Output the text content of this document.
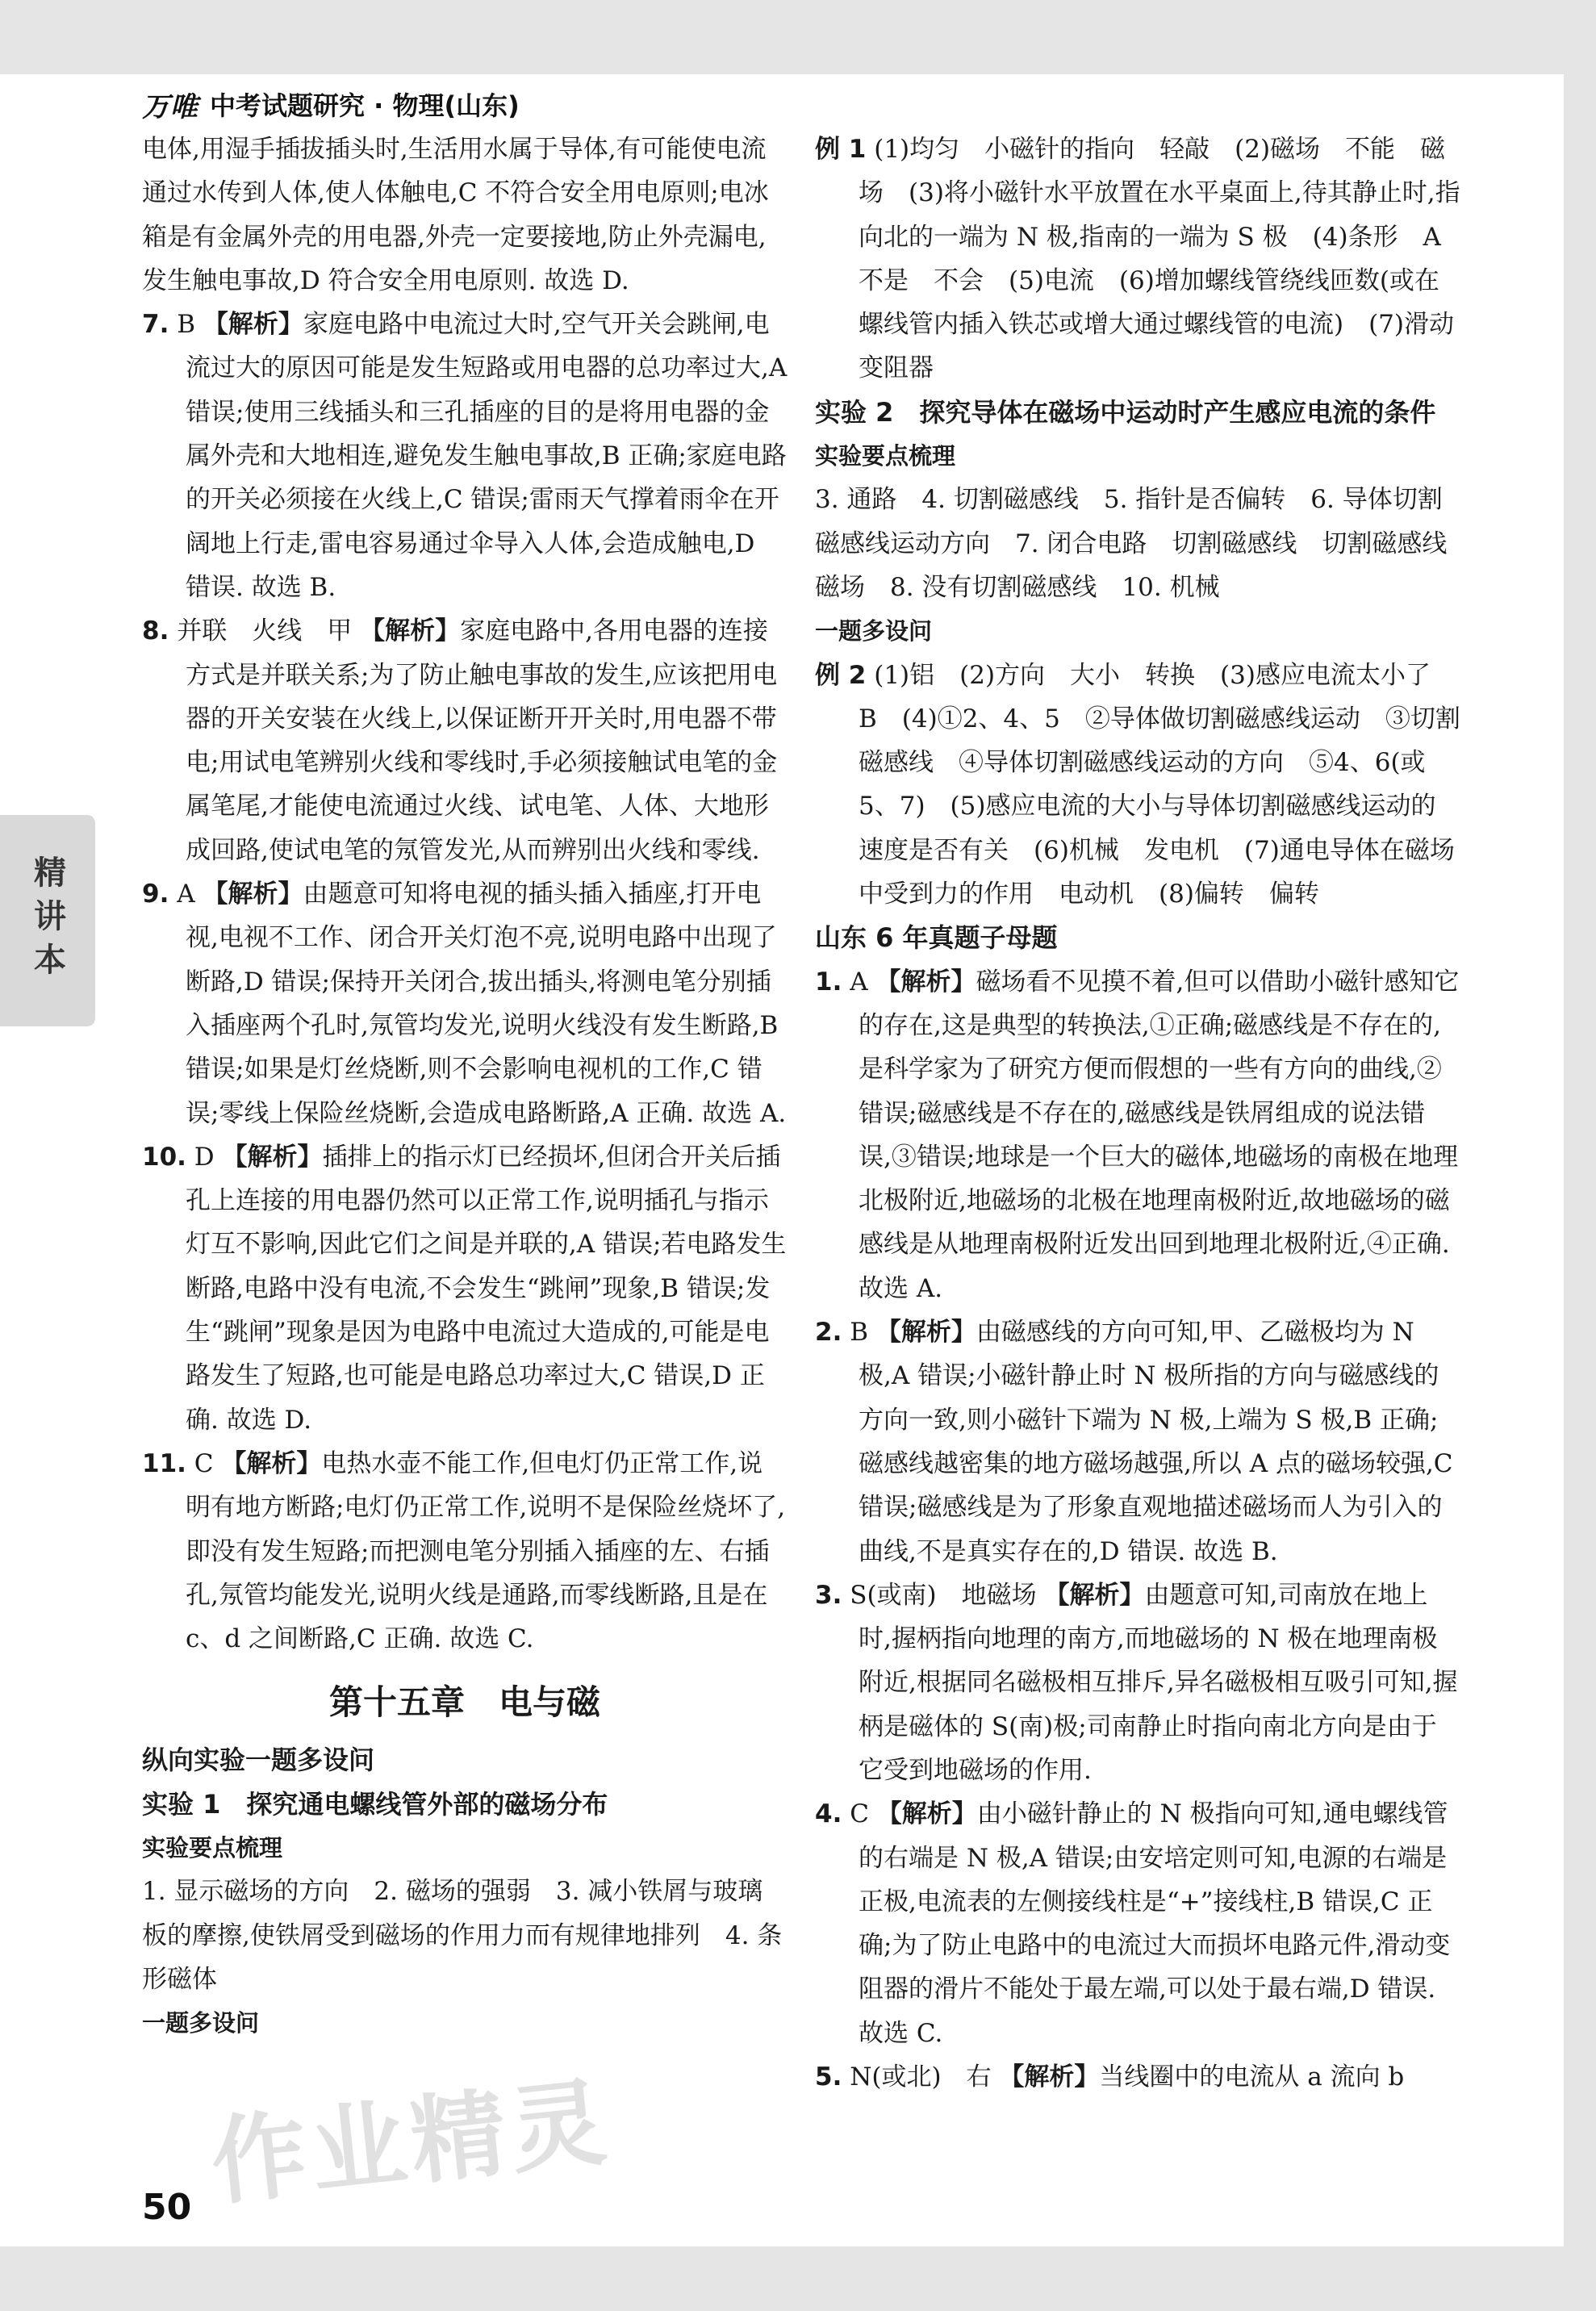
万唯 中考试题研究 · 物理(山东)
精讲本

电体,用湿手插拔插头时,生活用水属于导体,有可能使电流通过水传到人体,使人体触电,C 不符合安全用电原则;电冰箱是有金属外壳的用电器,外壳一定要接地,防止外壳漏电,发生触电事故,D 符合安全用电原则. 故选 D.

7. B 【解析】家庭电路中电流过大时,空气开关会跳闸,电流过大的原因可能是发生短路或用电器的总功率过大,A 错误;使用三线插头和三孔插座的目的是将用电器的金属外壳和大地相连,避免发生触电事故,B 正确;家庭电路的开关必须接在火线上,C 错误;雷雨天气撑着雨伞在开阔地上行走,雷电容易通过伞导入人体,会造成触电,D 错误. 故选 B.

8. 并联　火线　甲 【解析】家庭电路中,各用电器的连接方式是并联关系;为了防止触电事故的发生,应该把用电器的开关安装在火线上,以保证断开开关时,用电器不带电;用试电笔辨别火线和零线时,手必须接触试电笔的金属笔尾,才能使电流通过火线、试电笔、人体、大地形成回路,使试电笔的氖管发光,从而辨别出火线和零线.

9. A 【解析】由题意可知将电视的插头插入插座,打开电视,电视不工作、闭合开关灯泡不亮,说明电路中出现了断路,D 错误;保持开关闭合,拔出插头,将测电笔分别插入插座两个孔时,氖管均发光,说明火线没有发生断路,B 错误;如果是灯丝烧断,则不会影响电视机的工作,C 错误;零线上保险丝烧断,会造成电路断路,A 正确. 故选 A.

10. D 【解析】插排上的指示灯已经损坏,但闭合开关后插孔上连接的用电器仍然可以正常工作,说明插孔与指示灯互不影响,因此它们之间是并联的,A 错误;若电路发生断路,电路中没有电流,不会发生“跳闸”现象,B 错误;发生“跳闸”现象是因为电路中电流过大造成的,可能是电路发生了短路,也可能是电路总功率过大,C 错误,D 正确. 故选 D.

11. C 【解析】电热水壶不能工作,但电灯仍正常工作,说明有地方断路;电灯仍正常工作,说明不是保险丝烧坏了,即没有发生短路;而把测电笔分别插入插座的左、右插孔,氖管均能发光,说明火线是通路,而零线断路,且是在 c、d 之间断路,C 正确. 故选 C.

第十五章　电与磁

纵向实验一题多设问

实验 1　探究通电螺线管外部的磁场分布

实验要点梳理

1. 显示磁场的方向　2. 磁场的强弱　3. 减小铁屑与玻璃板的摩擦,使铁屑受到磁场的作用力而有规律地排列　4. 条形磁体

一题多设问

例 1 (1)均匀　小磁针的指向　轻敲　(2)磁场　不能　磁场　(3)将小磁针水平放置在水平桌面上,待其静止时,指向北的一端为 N 极,指南的一端为 S 极　(4)条形　A　不是　不会　(5)电流　(6)增加螺线管绕线匝数(或在螺线管内插入铁芯或增大通过螺线管的电流)　(7)滑动变阻器

实验 2　探究导体在磁场中运动时产生感应电流的条件

实验要点梳理

3. 通路　4. 切割磁感线　5. 指针是否偏转　6. 导体切割磁感线运动方向　7. 闭合电路　切割磁感线　切割磁感线　磁场　8. 没有切割磁感线　10. 机械

一题多设问

例 2 (1)铝　(2)方向　大小　转换　(3)感应电流太小了　B　(4)①2、4、5　②导体做切割磁感线运动　③切割磁感线　④导体切割磁感线运动的方向　⑤4、6(或 5、7)　(5)感应电流的大小与导体切割磁感线运动的速度是否有关　(6)机械　发电机　(7)通电导体在磁场中受到力的作用　电动机　(8)偏转　偏转

山东 6 年真题子母题

1. A 【解析】磁场看不见摸不着,但可以借助小磁针感知它的存在,这是典型的转换法,①正确;磁感线是不存在的,是科学家为了研究方便而假想的一些有方向的曲线,②错误;磁感线是不存在的,磁感线是铁屑组成的说法错误,③错误;地球是一个巨大的磁体,地磁场的南极在地理北极附近,地磁场的北极在地理南极附近,故地磁场的磁感线是从地理南极附近发出回到地理北极附近,④正确. 故选 A.

2. B 【解析】由磁感线的方向可知,甲、乙磁极均为 N 极,A 错误;小磁针静止时 N 极所指的方向与磁感线的方向一致,则小磁针下端为 N 极,上端为 S 极,B 正确;磁感线越密集的地方磁场越强,所以 A 点的磁场较强,C 错误;磁感线是为了形象直观地描述磁场而人为引入的曲线,不是真实存在的,D 错误. 故选 B.

3. S(或南)　地磁场 【解析】由题意可知,司南放在地上时,握柄指向地理的南方,而地磁场的 N 极在地理南极附近,根据同名磁极相互排斥,异名磁极相互吸引可知,握柄是磁体的 S(南)极;司南静止时指向南北方向是由于它受到地磁场的作用.

4. C 【解析】由小磁针静止的 N 极指向可知,通电螺线管的右端是 N 极,A 错误;由安培定则可知,电源的右端是正极,电流表的左侧接线柱是“+”接线柱,B 错误,C 正确;为了防止电路中的电流过大而损坏电路元件,滑动变阻器的滑片不能处于最左端,可以处于最右端,D 错误. 故选 C.

5. N(或北)　右 【解析】当线圈中的电流从 a 流向 b

作业精灵
50
